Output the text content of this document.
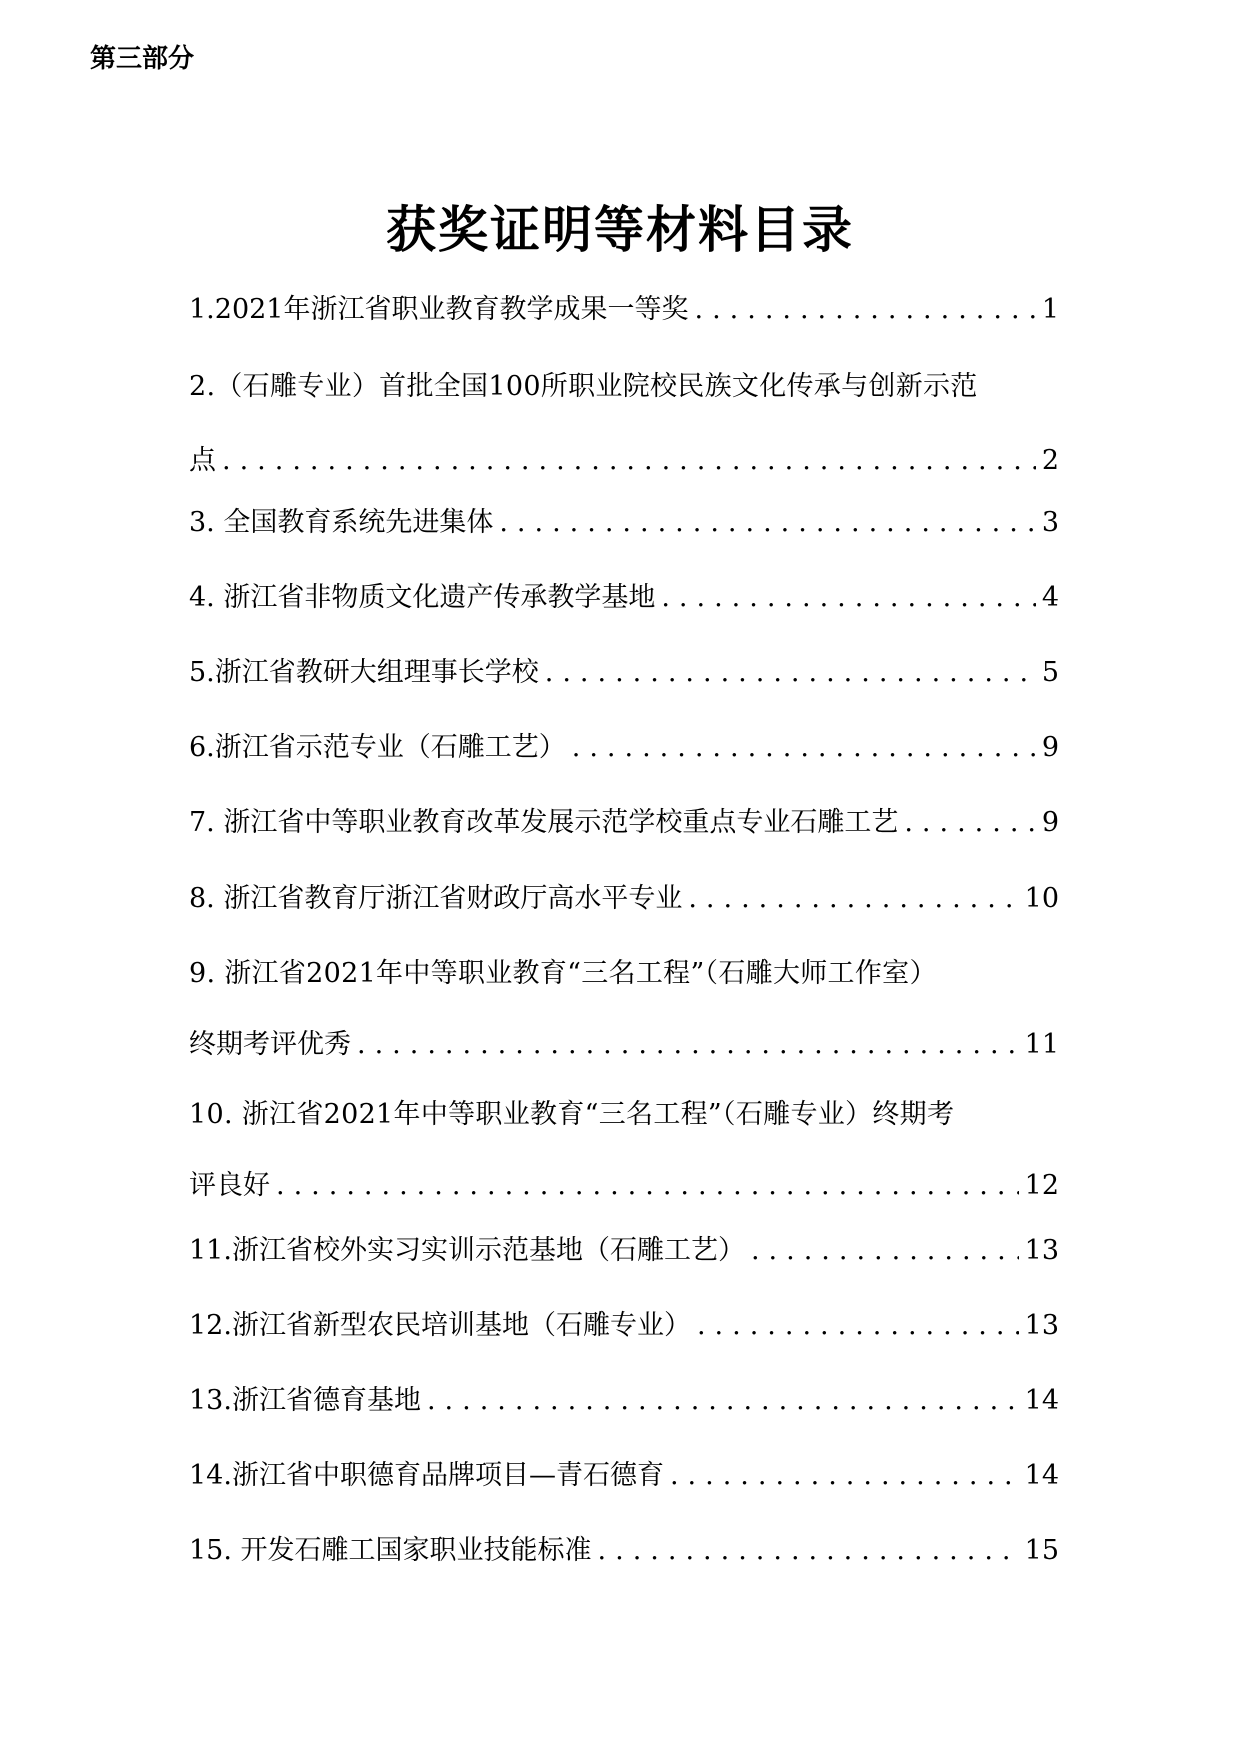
第三部分
获奖证明等材料目录
1.2021年浙江省职业教育教学成果一等奖 .....	1
2.（石雕专业）首批全国100所职业院校民族文化传承与创新示范
点 .....	2
3. 全国教育系统先进集体 .....	3
4. 浙江省非物质文化遗产传承教学基地 .....	4
5.浙江省教研大组理事长学校 .....	5
6.浙江省示范专业（石雕工艺） .....	9
7. 浙江省中等职业教育改革发展示范学校重点专业石雕工艺 .....	9
8. 浙江省教育厅浙江省财政厅高水平专业 .....	10
9. 浙江省2021年中等职业教育“三名工程”（石雕大师工作室）
终期考评优秀 .....	11
10. 浙江省2021年中等职业教育“三名工程”（石雕专业）终期考
评良好 .....	12
11.浙江省校外实习实训示范基地（石雕工艺） .....	13
12.浙江省新型农民培训基地（石雕专业） .....	13
13.浙江省德育基地 .....	14
14.浙江省中职德育品牌项目—青石德育 .....	14
15. 开发石雕工国家职业技能标准 .....	15
